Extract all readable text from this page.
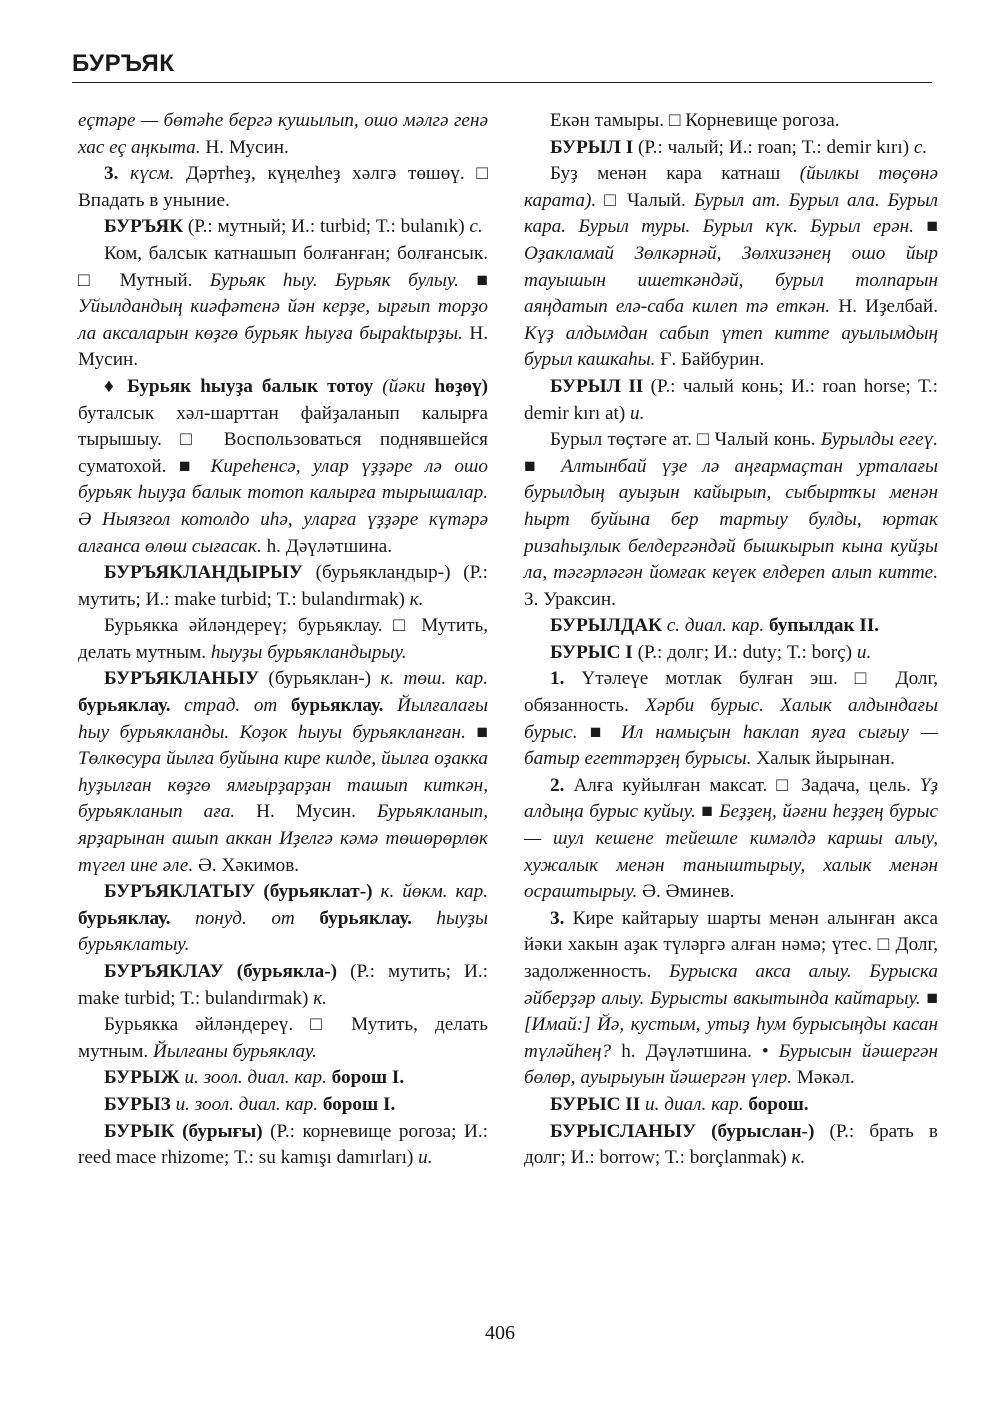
БУРЪЯК

eçтәре — бөтәhe бергә кушылып, ошо мәлгә генә хас еç аңкыта. Н. Мусин.

3. күсм. Дәртheҙ, күңелheҙ хәлгә төшөү. □ Впадать в уныние.

БУРЪЯК (Р.: мутный; И.: turbid; Т.: bulanık) с.

Ком, балсык катнашып болғанған; болғансык. □ Мутный. Бурьяк hыу. Бурьяк булыу. ■ Уйылдандың киәфәтенә йән керҙе, ырғып торҙо ла аксаларын көҙгө бурьяк hыуға быраktырҙы. Н. Мусин.

♦ Бурьяк hыуҙа балык тотоу (йәки hөҙөү) буталсык хәл-шарттан файҙаланып калырға тырышыу. □ Воспользоваться поднявшейся суматохой. ■ Киреhенсә, улар үҙҙәре лә ошо бурьяк hыуҙа балык тотоп калырға тырышалар. Ә Ныязғол котолдо иhә, уларға үҙҙәре күтәрә алғанса өлөш сығасак. h. Дәүләтшина.

БУРЪЯКЛАНДЫРЫУ (бурьякландыр-) (Р.: мутить; И.: make turbid; Т.: bulandırmak) к.

Бурьякка әйләндереү; бурьяклау. □ Мутить, делать мутным. hыуҙы бурьякландырыу.

БУРЪЯКЛАНЫУ (бурьяклан-) к. төш. кар. бурьяклау. страд. от бурьяклау. Йылғалағы hыу бурьякланды. Коҙок hыуы бурьякланған. ■ Төлкөсура йылға буйына кире килде, йылға оҙакка hуҙылған көҙгө ямғырҙарҙан ташып киткән, бурьякланып аға. Н. Мусин. Бурьякланып, ярҙарынан ашып аккан Иҙелгә кәмә төшөрөрлөк түгел ине әле. Ә. Хәкимов.

БУРЪЯКЛАТЫУ (бурьяклат-) к. йөкм. кар. бурьяклау. понуд. от бурьяклау. hыуҙы бурьяклатыу.

БУРЪЯКЛАУ (бурьякла-) (Р.: мутить; И.: make turbid; Т.: bulandırmak) к.

Бурьякка әйләндереү. □ Мутить, делать мутным. Йылғаны бурьяклау.

БУРЫЖ и. зоол. диал. кар. борош I.

БУРЫЗ и. зоол. диал. кар. борош I.

БУРЫК (бурығы) (Р.: корневище рогоза; И.: reed mace rhizome; Т.: su kamışı damırları) и.

Екән тамыры. □ Корневище рогоза.

БУРЫЛ I (Р.: чалый; И.: roan; Т.: demir kırı) с.

Буҙ менән кара катнаш (йылкы төҫөнә карата). □ Чалый. Бурыл ат. Бурыл ала. Бурыл кара. Бурыл туры. Бурыл күк. Бурыл ерән. ■ Оҙакламай Зөлкәрнәй, Зөлхизәнең ошо йыр тауышын ишеткәндәй, бурыл толпарын аяңдатып елә-сабa килеп тә еткән. Н. Иҙелбай. Күҙ алдымдан сабып үтеп китте ауылымдың бурыл кашкаhы. Ғ. Байбурин.

БУРЫЛ II (Р.: чалый конь; И.: roan horse; Т.: demir kırı at) и.

Бурыл төҫтәге ат. □ Чалый конь. Бурылды егеү. ■ Алтынбай үҙе лә аңғармаҫтан урталағы бурылдың ауыҙын кайырып, сыбыртҡы менән hырт буйына бер тартыу булды, юртак ризаhыҙлык белдергәндәй бышкырып кына куйҙы ла, тәгәрләгән йомғак кеүек елдереп алып китте. З. Ураксин.

БУРЫЛДАК с. диал. кар. бупылдак II.

БУРЫС I (Р.: долг; И.: duty; Т.: borç) и.

1. Үтәлеүе мотлак булған эш. □ Долг, обязанность. Хәрби бурыс. Халык алдындағы бурыс. ■ Ил намыҫын hаклап яуға сығыу — батыр егеттәрҙең бурысы. Халык йырынан.

2. Алға куйылған максат. □ Задача, цель. Үҙ алдыңа бурыс куйыу. ■ Беҙҙең, йәғни hеҙҙең бурыс — шул кешене тейешле кимәлдә каршы алыу, хужалык менән таныштырыу, халык менән осраштырыу. Ә. Әминев.

3. Кире кайтарыу шарты менән алынған акса йәки хакын аҙак түләргә алған нәмә; үтес. □ Долг, задолженность. Бурыска акса алыу. Бурыска әйберҙәр алыу. Бурысты вакытында кайтарыу. ■ [Имай:] Йә, кустым, утыҙ hум бурысыңды касан түләйhең? h. Дәүләтшина. • Бурысын йәшергән бөлөр, ауырыуын йәшергән үлер. Мәкәл.

БУРЫС II и. диал. кар. борош.

БУРЫСЛАНЫУ (бурыслан-) (Р.: брать в долг; И.: borrow; Т.: borçlanmak) к.

406
